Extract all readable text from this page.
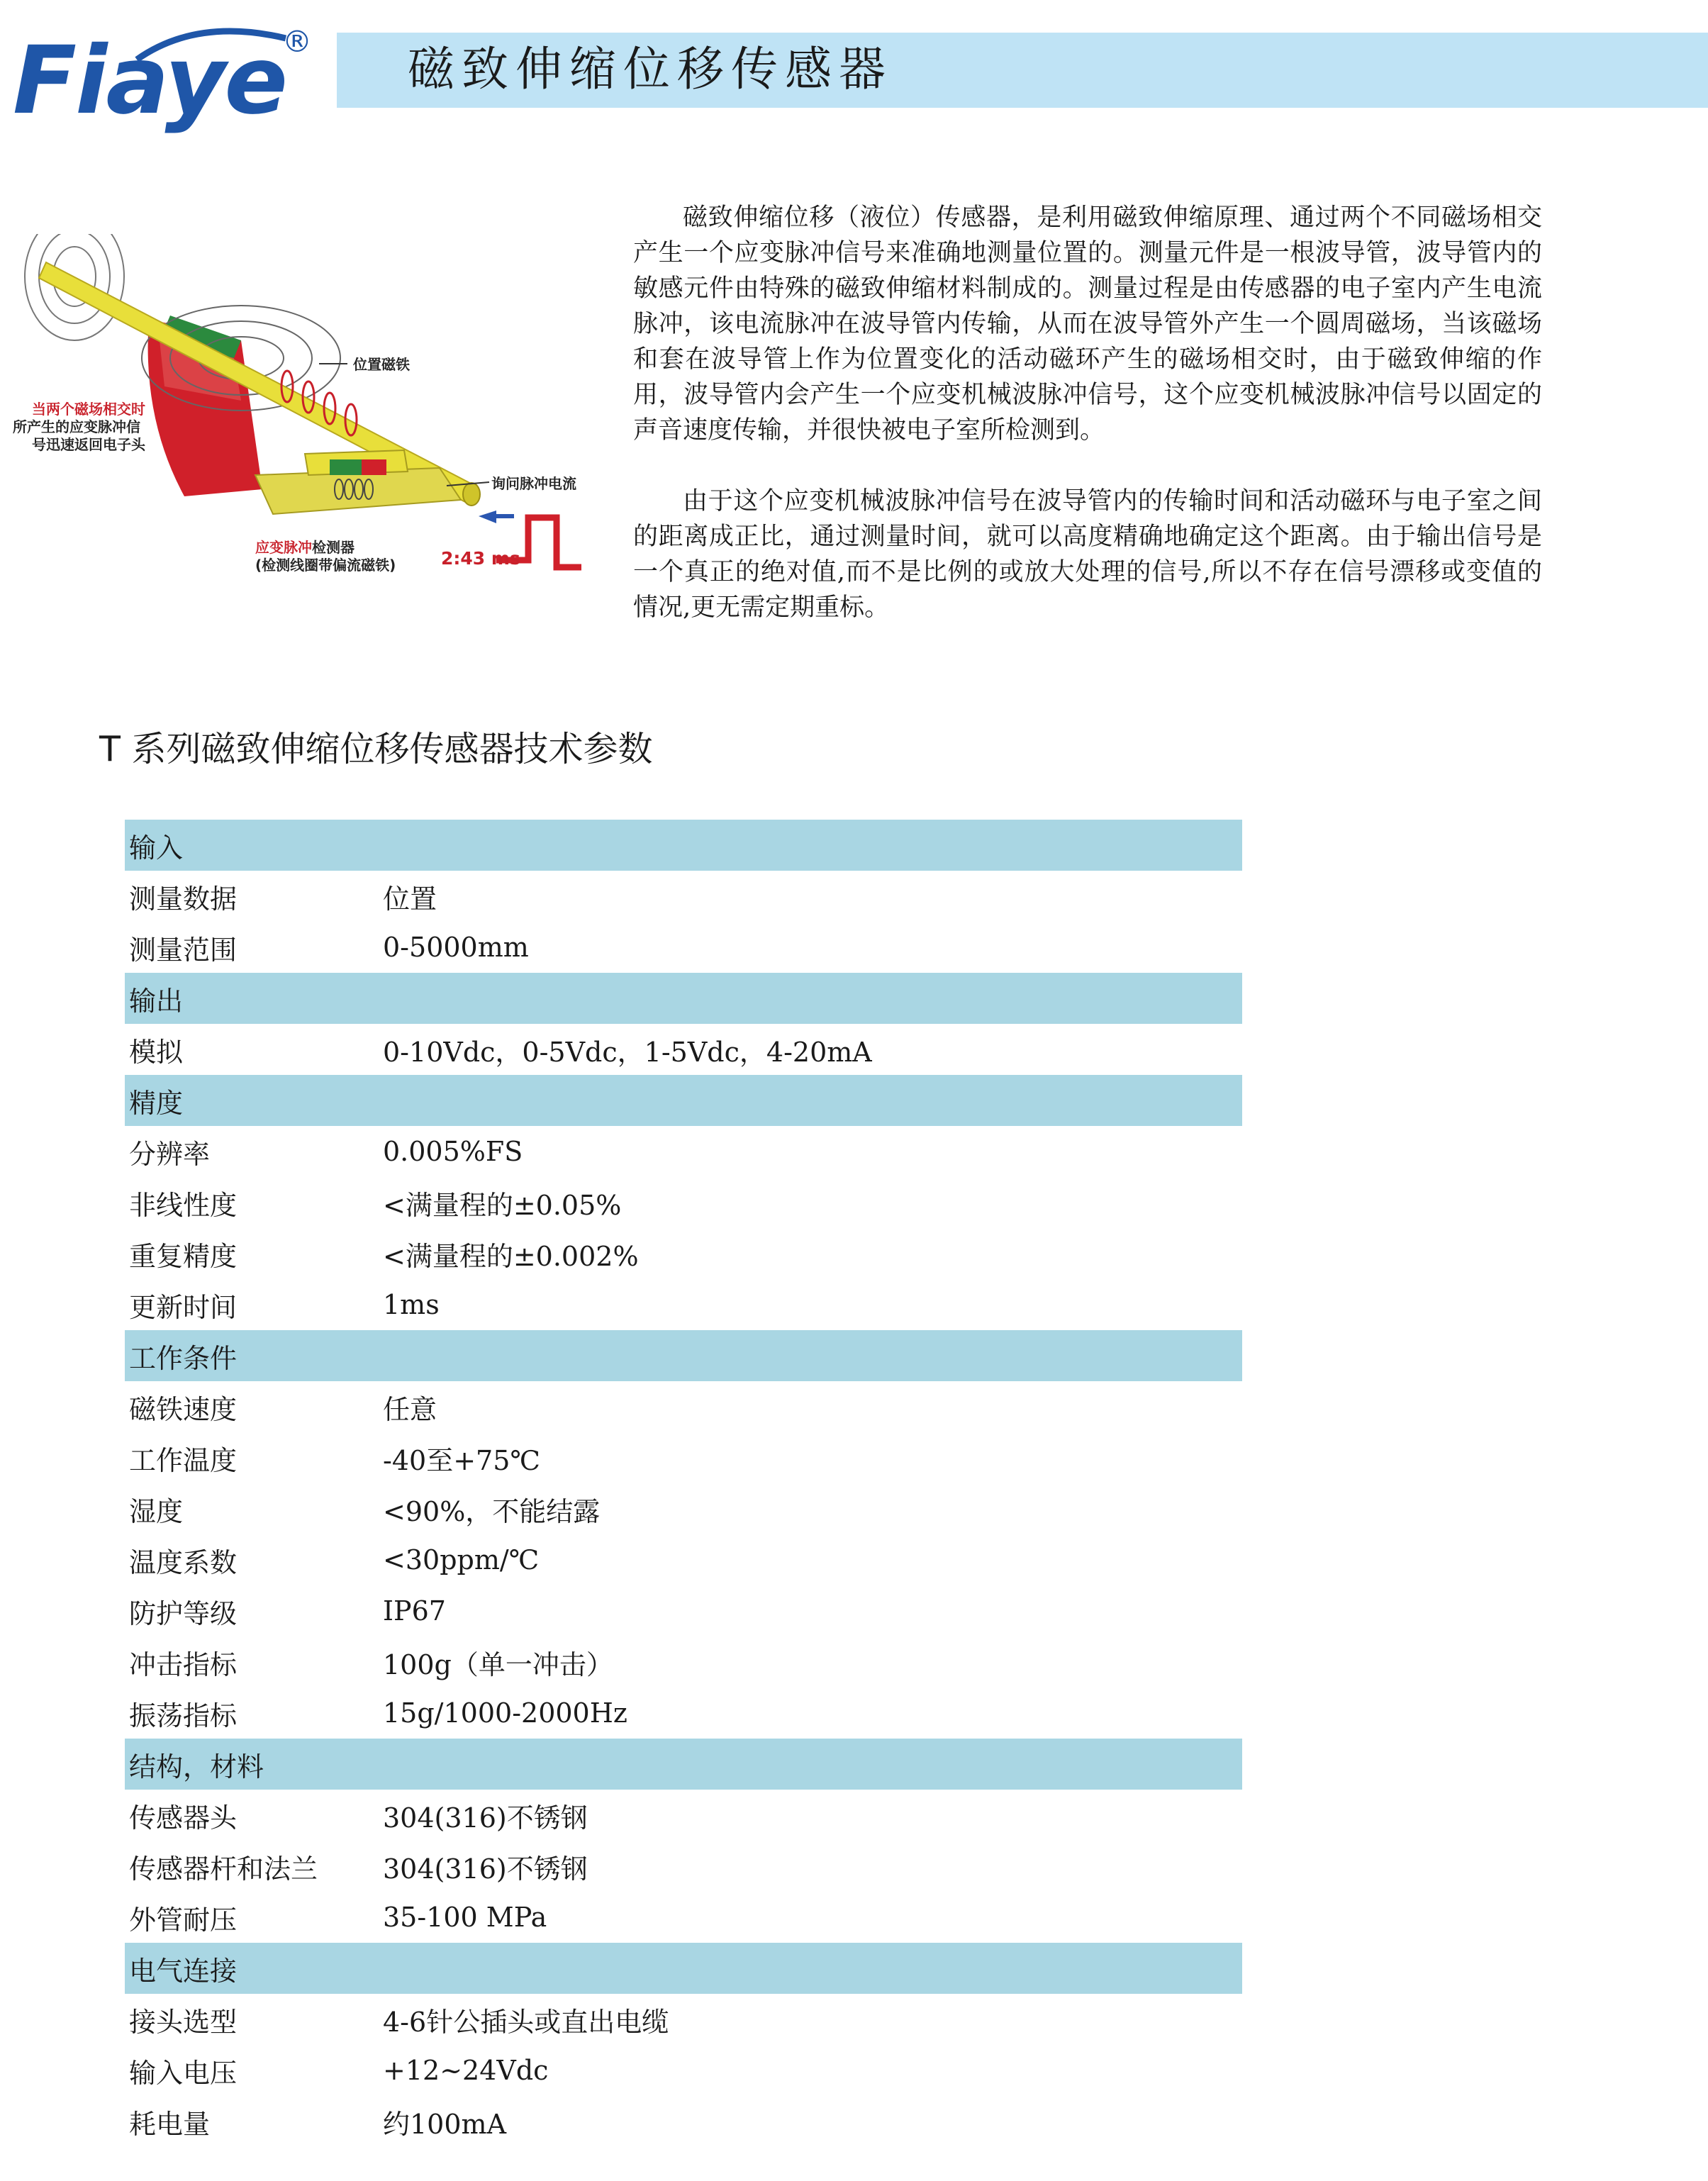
Fiaye
®
磁致伸缩位移传感器
位置磁铁
当两个磁场相交时
所产生的应变脉冲信
号迅速返回电子头
询问脉冲电流
应变脉冲检测器
(检测线圈带偏流磁铁)	2:43 ms

磁致伸缩位移（液位）传感器，是利用磁致伸缩原理、通过两个不同磁场相交产生一个应变脉冲信号来准确地测量位置的。测量元件是一根波导管，波导管内的敏感元件由特殊的磁致伸缩材料制成的。测量过程是由传感器的电子室内产生电流脉冲，该电流脉冲在波导管内传输，从而在波导管外产生一个圆周磁场，当该磁场和套在波导管上作为位置变化的活动磁环产生的磁场相交时，由于磁致伸缩的作用，波导管内会产生一个应变机械波脉冲信号，这个应变机械波脉冲信号以固定的声音速度传输，并很快被电子室所检测到。

由于这个应变机械波脉冲信号在波导管内的传输时间和活动磁环与电子室之间的距离成正比，通过测量时间，就可以高度精确地确定这个距离。由于输出信号是一个真正的绝对值,而不是比例的或放大处理的信号,所以不存在信号漂移或变值的情况,更无需定期重标。

T 系列磁致伸缩位移传感器技术参数
输入
测量数据	位置
测量范围	0-5000mm
输出
模拟	0-10Vdc，0-5Vdc，1-5Vdc，4-20mA
精度
分辨率	0.005%FS
非线性度	<满量程的±0.05%
重复精度	<满量程的±0.002%
更新时间	1ms
工作条件
磁铁速度	任意
工作温度	-40至+75℃
湿度	<90%，不能结露
温度系数	<30ppm/℃
防护等级	IP67
冲击指标	100g（单一冲击）
振荡指标	15g/1000-2000Hz
结构，材料
传感器头	304(316)不锈钢
传感器杆和法兰	304(316)不锈钢
外管耐压	35-100 MPa
电气连接
接头选型	4-6针公插头或直出电缆
输入电压	+12~24Vdc
耗电量	约100mA
